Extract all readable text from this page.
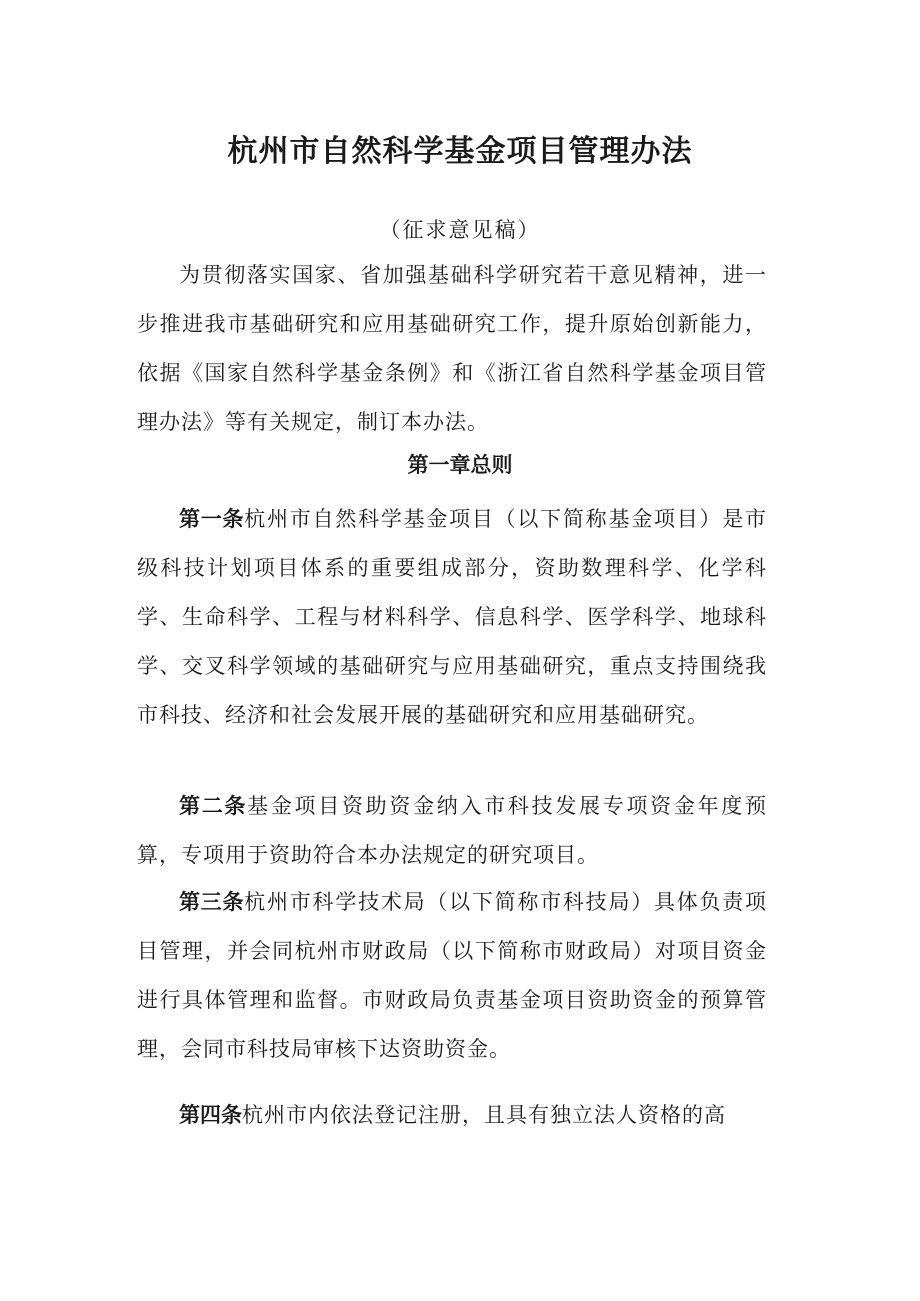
杭州市自然科学基金项目管理办法

（征求意见稿）

为贯彻落实国家、省加强基础科学研究若干意见精神，进一步推进我市基础研究和应用基础研究工作，提升原始创新能力，依据《国家自然科学基金条例》和《浙江省自然科学基金项目管理办法》等有关规定，制订本办法。

第一章总则

第一条杭州市自然科学基金项目（以下简称基金项目）是市级科技计划项目体系的重要组成部分，资助数理科学、化学科学、生命科学、工程与材料科学、信息科学、医学科学、地球科学、交叉科学领域的基础研究与应用基础研究，重点支持围绕我市科技、经济和社会发展开展的基础研究和应用基础研究。

第二条基金项目资助资金纳入市科技发展专项资金年度预算，专项用于资助符合本办法规定的研究项目。

第三条杭州市科学技术局（以下简称市科技局）具体负责项目管理，并会同杭州市财政局（以下简称市财政局）对项目资金进行具体管理和监督。市财政局负责基金项目资助资金的预算管理，会同市科技局审核下达资助资金。

第四条杭州市内依法登记注册，且具有独立法人资格的高
